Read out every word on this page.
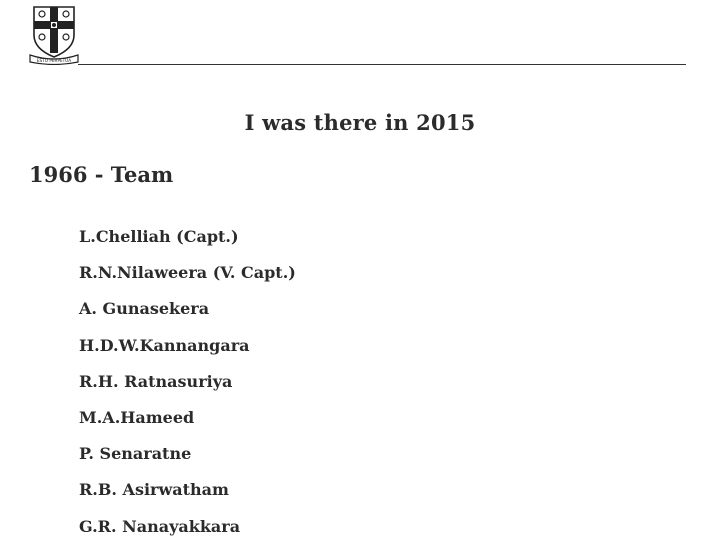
ESTO PERPETUA
I was there in 2015
1966 - Team
L.Chelliah (Capt.)
R.N.Nilaweera (V. Capt.)
A. Gunasekera
H.D.W.Kannangara
R.H. Ratnasuriya
M.A.Hameed
P. Senaratne
R.B. Asirwatham
G.R. Nanayakkara
